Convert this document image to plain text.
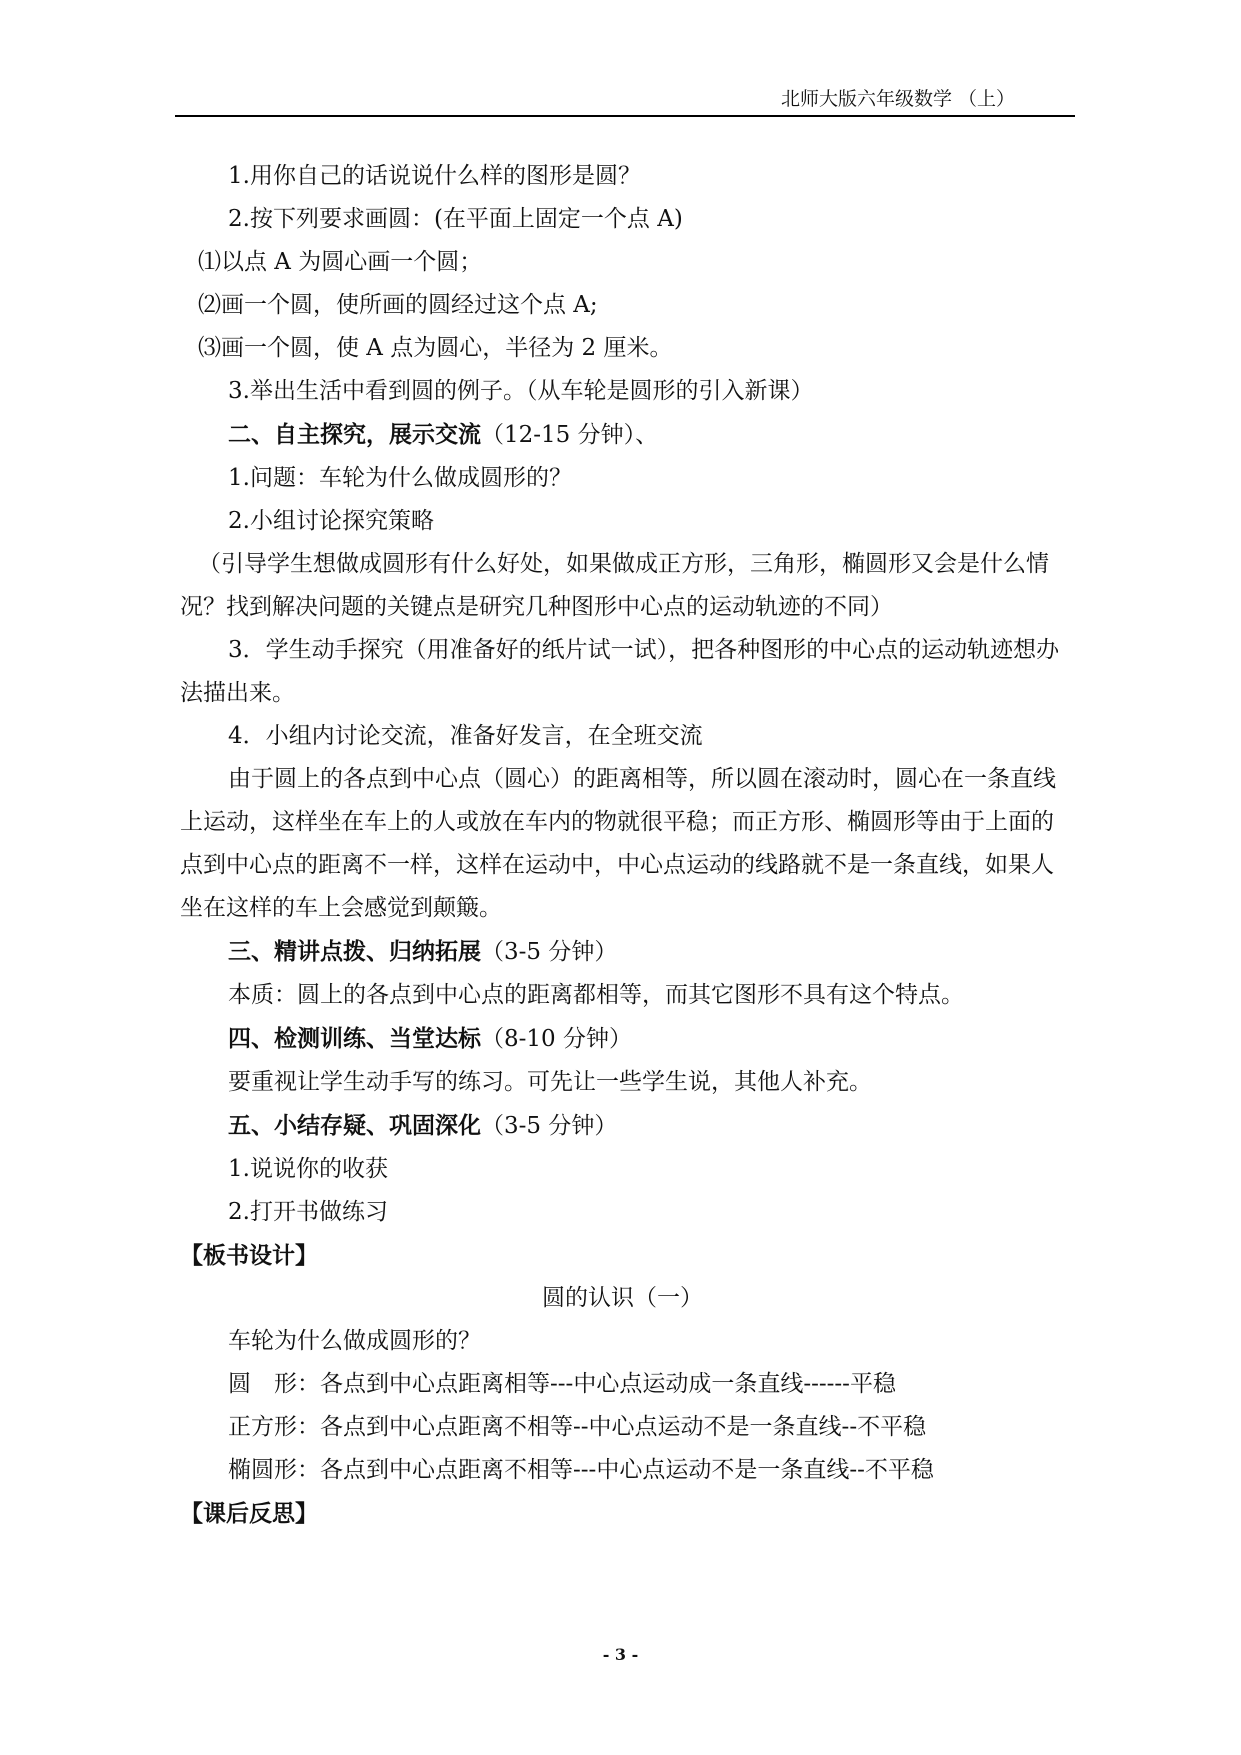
北师大版六年级数学 （上）

1.用你自己的话说说什么样的图形是圆？

2.按下列要求画圆：(在平面上固定一个点 A)

⑴以点 A 为圆心画一个圆；

⑵画一个圆，使所画的圆经过这个点 A;

⑶画一个圆，使 A 点为圆心，半径为 2 厘米。

3.举出生活中看到圆的例子。（从车轮是圆形的引入新课）

二、自主探究，展示交流（12-15 分钟）、

1.问题：车轮为什么做成圆形的？

2.小组讨论探究策略

（引导学生想做成圆形有什么好处，如果做成正方形，三角形，椭圆形又会是什么情况？找到解决问题的关键点是研究几种图形中心点的运动轨迹的不同）

3．学生动手探究（用准备好的纸片试一试），把各种图形的中心点的运动轨迹想办法描出来。

4．小组内讨论交流，准备好发言，在全班交流

由于圆上的各点到中心点（圆心）的距离相等，所以圆在滚动时，圆心在一条直线上运动，这样坐在车上的人或放在车内的物就很平稳；而正方形、椭圆形等由于上面的点到中心点的距离不一样，这样在运动中，中心点运动的线路就不是一条直线，如果人坐在这样的车上会感觉到颠簸。

三、精讲点拨、归纳拓展（3-5 分钟）

本质：圆上的各点到中心点的距离都相等，而其它图形不具有这个特点。

四、检测训练、当堂达标（8-10 分钟）

要重视让学生动手写的练习。可先让一些学生说，其他人补充。

五、小结存疑、巩固深化（3-5 分钟）

1.说说你的收获

2.打开书做练习

【板书设计】

圆的认识（一）

车轮为什么做成圆形的？

圆　形：各点到中心点距离相等---中心点运动成一条直线------平稳

正方形：各点到中心点距离不相等--中心点运动不是一条直线--不平稳

椭圆形：各点到中心点距离不相等---中心点运动不是一条直线--不平稳

【课后反思】

- 3 -
